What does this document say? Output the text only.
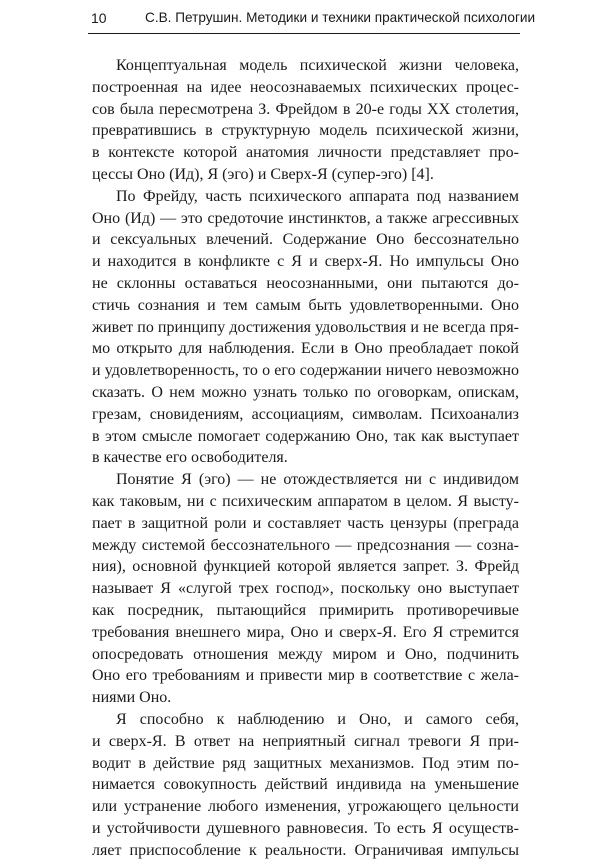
10	С.В. Петрушин. Методики и техники практической психологии
Концептуальная модель психической жизни человека,
построенная на идее неосознаваемых психических процес-
сов была пересмотрена З. Фрейдом в 20-е годы ХХ столетия,
превратившись в структурную модель психической жизни,
в контексте которой анатомия личности представляет про-
цессы Оно (Ид), Я (эго) и Сверх-Я (супер-эго) [4].
По Фрейду, часть психического аппарата под названием
Оно (Ид) — это средоточие инстинктов, а также агрессивных
и сексуальных влечений. Содержание Оно бессознательно
и находится в конфликте с Я и сверх-Я. Но импульсы Оно
не склонны оставаться неосознанными, они пытаются до-
стичь сознания и тем самым быть удовлетворенными. Оно
живет по принципу достижения удовольствия и не всегда пря-
мо открыто для наблюдения. Если в Оно преобладает покой
и удовлетворенность, то о его содержании ничего невозможно
сказать. О нем можно узнать только по оговоркам, опискам,
грезам, сновидениям, ассоциациям, символам. Психоанализ
в этом смысле помогает содержанию Оно, так как выступает
в качестве его освободителя.
Понятие Я (эго) — не отождествляется ни с индивидом
как таковым, ни с психическим аппаратом в целом. Я высту-
пает в защитной роли и составляет часть цензуры (преграда
между системой бессознательного — предсознания — созна-
ния), основной функцией которой является запрет. З. Фрейд
называет Я «слугой трех господ», поскольку оно выступает
как посредник, пытающийся примирить противоречивые
требования внешнего мира, Оно и сверх-Я. Его Я стремится
опосредовать отношения между миром и Оно, подчинить
Оно его требованиям и привести мир в соответствие с жела-
ниями Оно.
Я способно к наблюдению и Оно, и самого себя,
и сверх-Я. В ответ на неприятный сигнал тревоги Я при-
водит в действие ряд защитных механизмов. Под этим по-
нимается совокупность действий индивида на уменьшение
или устранение любого изменения, угрожающего цельности
и устойчивости душевного равновесия. То есть Я осуществ-
ляет приспособление к реальности. Ограничивая импульсы
